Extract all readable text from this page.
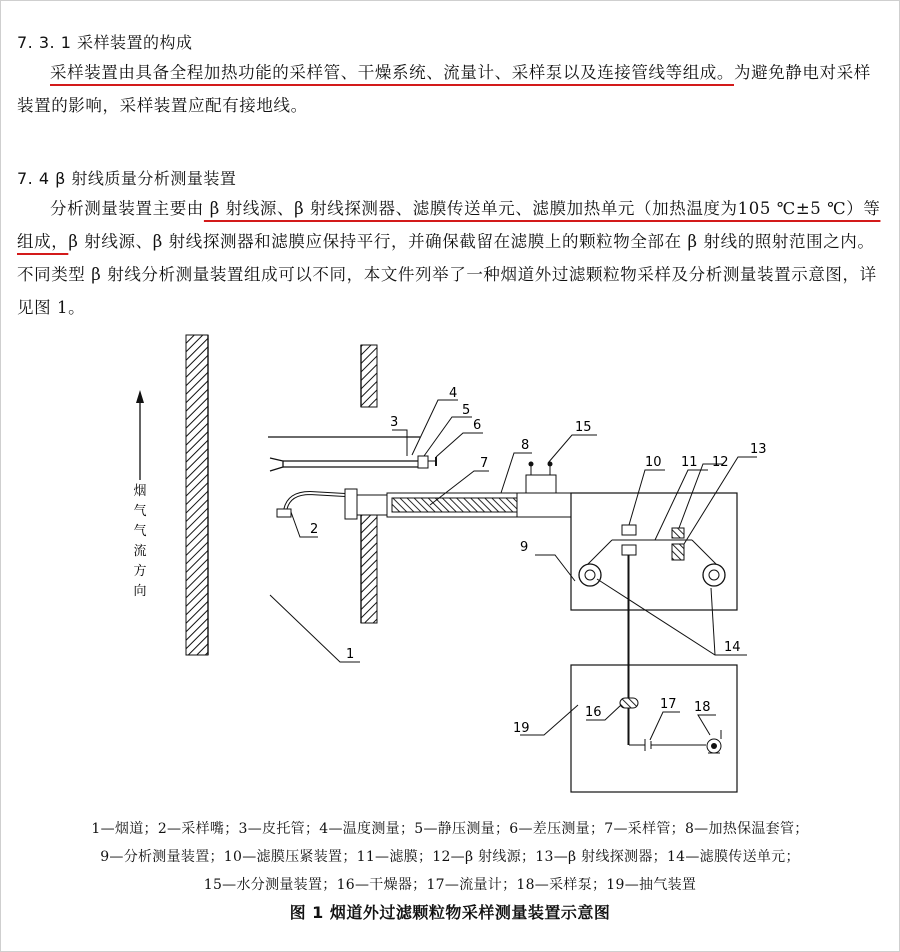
7. 3. 1 采样装置的构成

采样装置由具备全程加热功能的采样管、干燥系统、流量计、采样泵以及连接管线等组成。为避免静电对采样装置的影响，采样装置应配有接地线。

7. 4 β 射线质量分析测量装置

分析测量装置主要由 β 射线源、β 射线探测器、滤膜传送单元、滤膜加热单元（加热温度为105 ℃±5 ℃）等组成，β 射线源、β 射线探测器和滤膜应保持平行，并确保截留在滤膜上的颗粒物全部在 β 射线的照射范围之内。不同类型 β 射线分析测量装置组成可以不同，本文件列举了一种烟道外过滤颗粒物采样及分析测量装置示意图，详见图 1。

烟
气
气
流
方
向
1
2
3
4
5
6
7
8
9
10 11 12
13
14
15
16
17 18
19
1—烟道；2—采样嘴；3—皮托管；4—温度测量；5—静压测量；6—差压测量；7—采样管；8—加热保温套管；
9—分析测量装置；10—滤膜压紧装置；11—滤膜；12—β 射线源；13—β 射线探测器；14—滤膜传送单元；
15—水分测量装置；16—干燥器；17—流量计；18—采样泵；19—抽气装置
图 1 烟道外过滤颗粒物采样测量装置示意图
